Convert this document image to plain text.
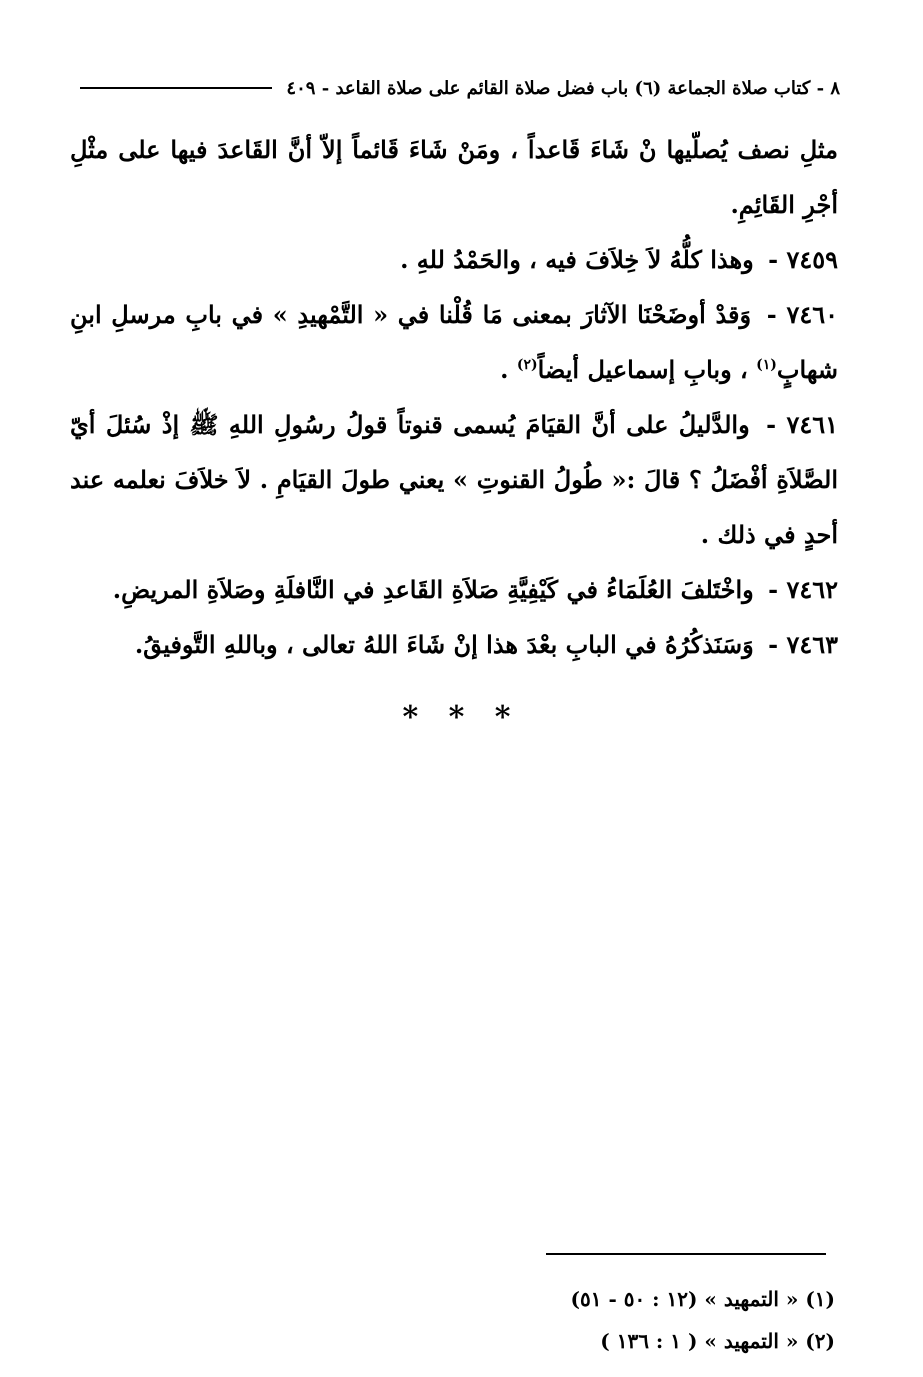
٨ - كتاب صلاة الجماعة (٦) باب فضل صلاة القائم على صلاة القاعد - ٤٠٩

مثلِ نصف يُصلّيها نْ شَاءَ قَاعداً ، ومَنْ شَاءَ قَائماً إلاّ أنَّ القَاعدَ فيها على مثْلِ أجْرِ القَائِمِ.

٧٤٥٩ - وهذا كلُّهُ لاَ خِلاَفَ فيه ، والحَمْدُ للهِ .

٧٤٦٠ - وَقدْ أوضَحْنَا الآثارَ بمعنى مَا قُلْنا في « التَّمْهيدِ » في بابِ مرسلِ ابنِ شهابٍ$^{(١)}$ ، وبابِ إسماعيل أيضاً$^{(٢)}$ .

٧٤٦١ - والدَّليلُ على أنَّ القيَامَ يُسمى قنوتاً قولُ رسُولِ اللهِ ﷺ إذْ سُئلَ أيّ الصَّلاَةِ أفْضَلُ ؟ قالَ :« طُولُ القنوتِ » يعني طولَ القيَامِ . لاَ خلاَفَ نعلمه عند أحدٍ في ذلك .

٧٤٦٢ - واخْتَلفَ العُلَمَاءُ في كَيْفِيَّةِ صَلاَةِ القَاعدِ في النَّافلَةِ وصَلاَةِ المريضِ.

٧٤٦٣ - وَسَنَذكُرُهُ في البابِ بعْدَ هذا إنْ شَاءَ اللهُ تعالى ، وباللهِ التَّوفيقُ.

* * *
(١) « التمهيد » (١٢ : ٥٠ - ٥١)
(٢) « التمهيد » ( ١ : ١٣٦ )
